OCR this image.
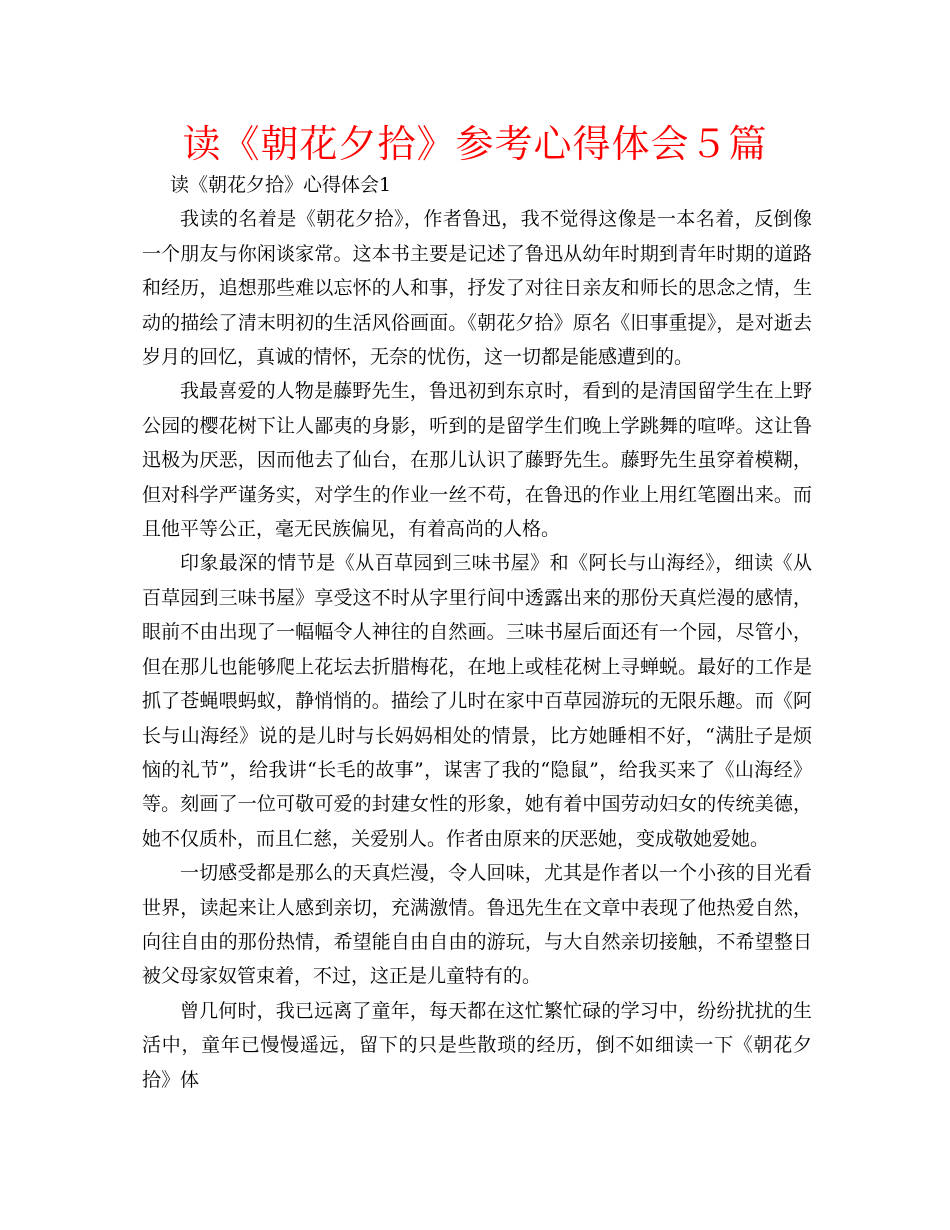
读《朝花夕拾》参考心得体会５篇

读《朝花夕拾》心得体会1

我读的名着是《朝花夕拾》，作者鲁迅，我不觉得这像是一本名着，反倒像一个朋友与你闲谈家常。这本书主要是记述了鲁迅从幼年时期到青年时期的道路和经历，追想那些难以忘怀的人和事，抒发了对往日亲友和师长的思念之情，生动的描绘了清末明初的生活风俗画面。《朝花夕拾》原名《旧事重提》，是对逝去岁月的回忆，真诚的情怀，无奈的忧伤，这一切都是能感遭到的。

我最喜爱的人物是藤野先生，鲁迅初到东京时，看到的是清国留学生在上野公园的樱花树下让人鄙夷的身影，听到的是留学生们晚上学跳舞的喧哗。这让鲁迅极为厌恶，因而他去了仙台，在那儿认识了藤野先生。藤野先生虽穿着模糊，但对科学严谨务实，对学生的作业一丝不苟，在鲁迅的作业上用红笔圈出来。而且他平等公正，毫无民族偏见，有着高尚的人格。

印象最深的情节是《从百草园到三味书屋》和《阿长与山海经》，细读《从百草园到三味书屋》享受这不时从字里行间中透露出来的那份天真烂漫的感情，眼前不由出现了一幅幅令人神往的自然画。三味书屋后面还有一个园，尽管小，但在那儿也能够爬上花坛去折腊梅花，在地上或桂花树上寻蝉蜕。最好的工作是抓了苍蝇喂蚂蚁，静悄悄的。描绘了儿时在家中百草园游玩的无限乐趣。而《阿长与山海经》说的是儿时与长妈妈相处的情景，比方她睡相不好，“满肚子是烦恼的礼节”，给我讲“长毛的故事”，谋害了我的“隐鼠”，给我买来了《山海经》等。刻画了一位可敬可爱的封建女性的形象，她有着中国劳动妇女的传统美德，她不仅质朴，而且仁慈，关爱别人。作者由原来的厌恶她，变成敬她爱她。

一切感受都是那么的天真烂漫，令人回味，尤其是作者以一个小孩的目光看世界，读起来让人感到亲切，充满激情。鲁迅先生在文章中表现了他热爱自然，向往自由的那份热情，希望能自由自由的游玩，与大自然亲切接触，不希望整日被父母家奴管束着，不过，这正是儿童特有的。

曾几何时，我已远离了童年，每天都在这忙繁忙碌的学习中，纷纷扰扰的生活中，童年已慢慢遥远，留下的只是些散琐的经历，倒不如细读一下《朝花夕拾》体
